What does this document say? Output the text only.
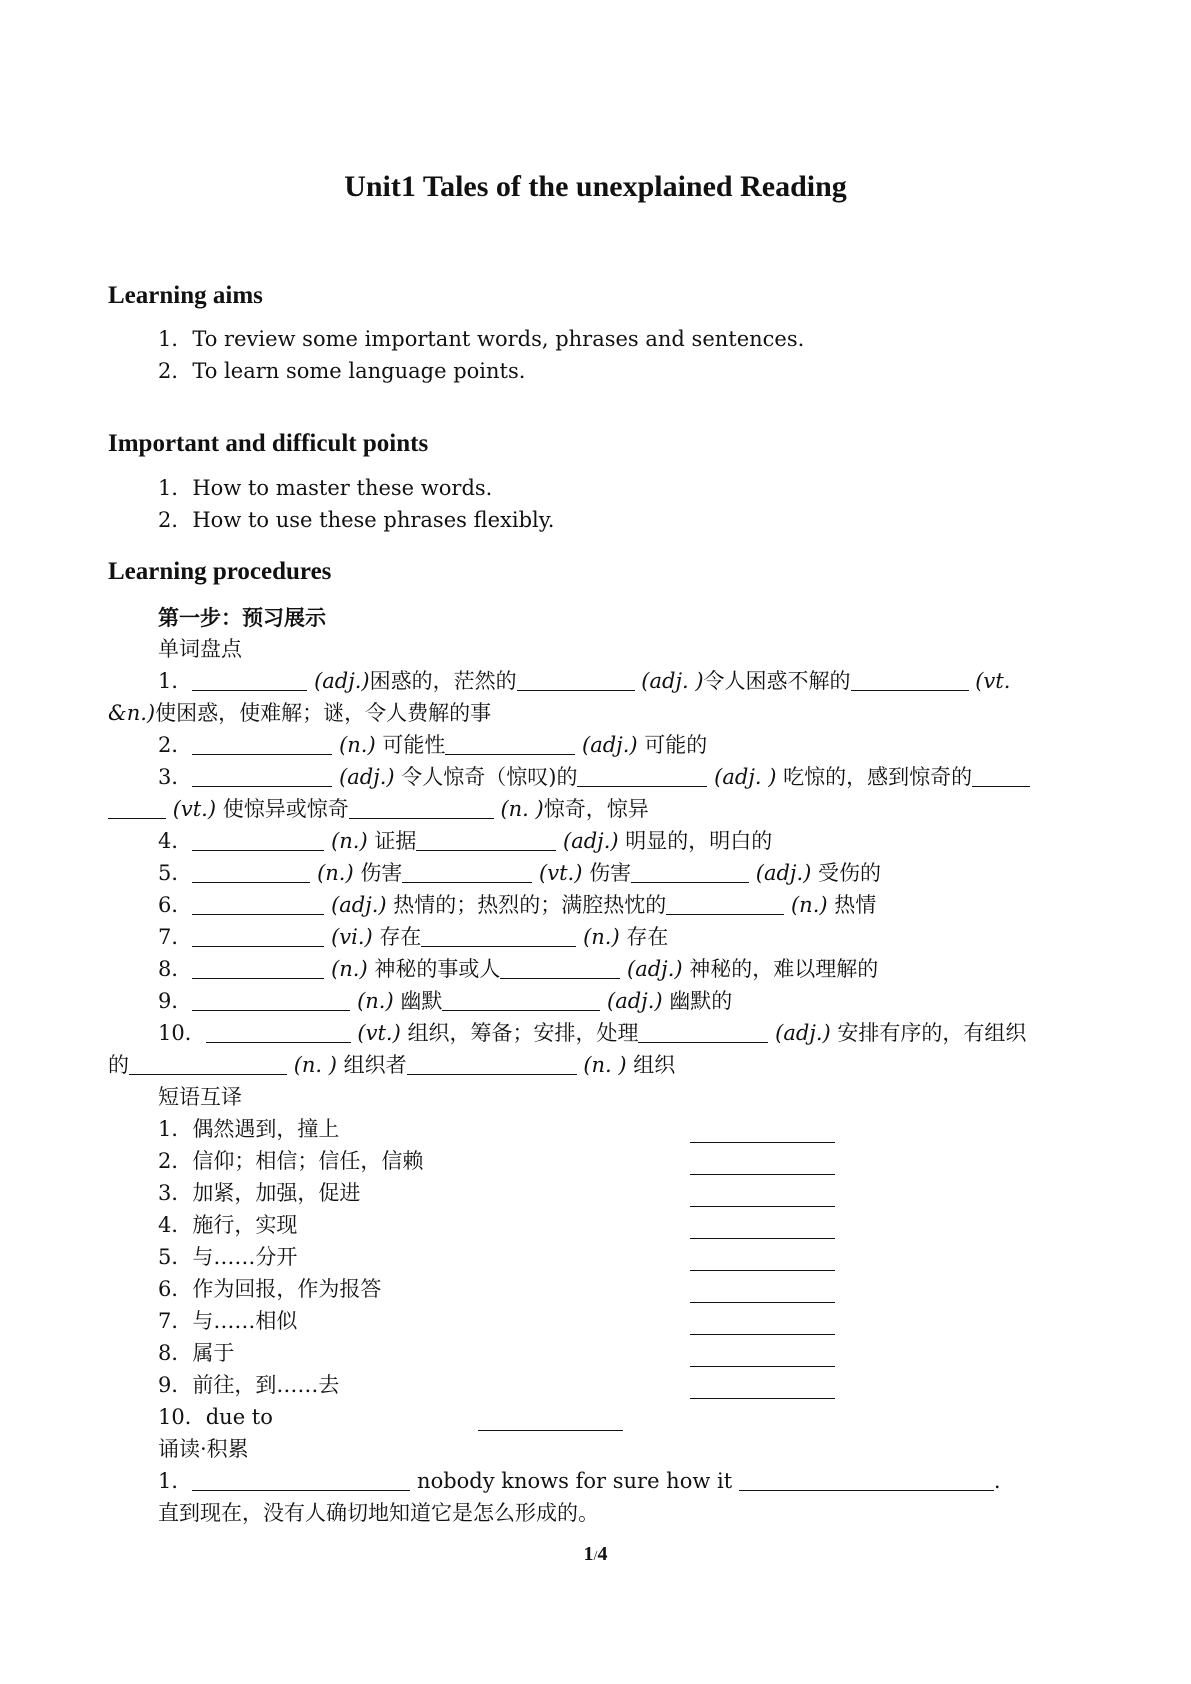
Unit1 Tales of the unexplained Reading
Learning aims
1．To review some important words, phrases and sentences.
2．To learn some language points.
Important and difficult points
1．How to master these words.
2．How to use these phrases flexibly.
Learning procedures
第一步：预习展示
单词盘点
1．	(adj.)困惑的，茫然的	(adj. )令人困惑不解的	(vt.
&n.)使困惑，使难解；谜，令人费解的事
2．	(n.) 可能性	(adj.) 可能的
3．	(adj.) 令人惊奇（惊叹)的	(adj. ) 吃惊的，感到惊奇的
(vt.) 使惊异或惊奇	(n. )惊奇，惊异
4．	(n.) 证据	(adj.) 明显的，明白的
5．	(n.) 伤害	(vt.) 伤害	(adj.) 受伤的
6．	(adj.) 热情的；热烈的；满腔热忱的	(n.) 热情
7．	(vi.) 存在	(n.) 存在
8．	(n.) 神秘的事或人	(adj.) 神秘的，难以理解的
9．	(n.) 幽默	(adj.) 幽默的
10．	(vt.) 组织，筹备；安排，处理	(adj.) 安排有序的，有组织
的	(n. ) 组织者	(n. ) 组织
短语互译
1．偶然遇到，撞上
2．信仰；相信；信任，信赖
3．加紧，加强，促进
4．施行，实现
5．与……分开
6．作为回报，作为报答
7．与……相似
8．属于
9．前往，到……去
10．due to
诵读·积累
1．	nobody knows for sure how it	.
直到现在，没有人确切地知道它是怎么形成的。
1/4
